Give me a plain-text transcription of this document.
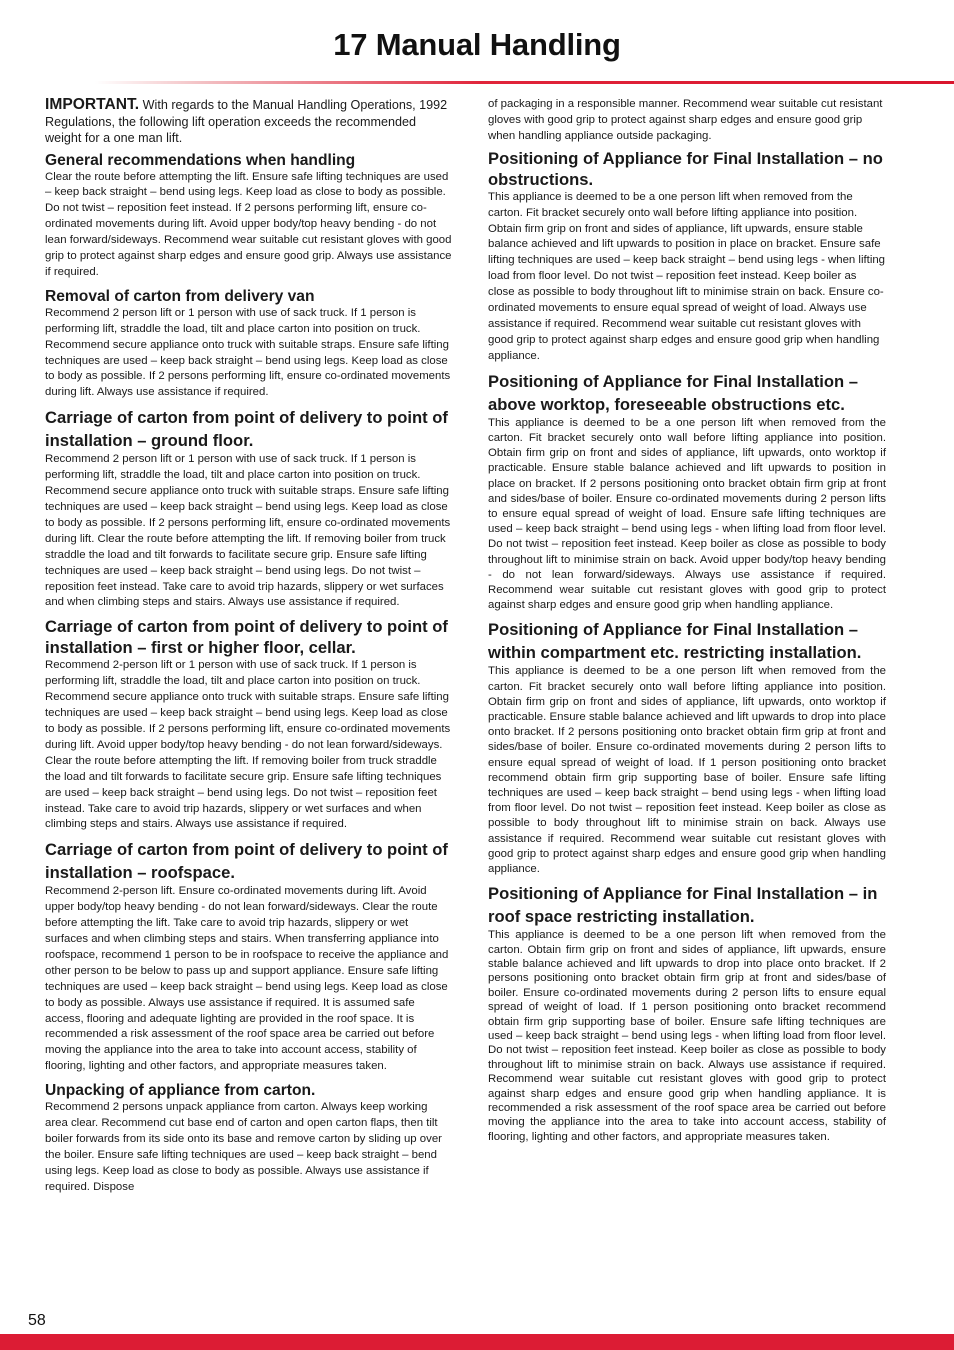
17 Manual Handling

IMPORTANT. With regards to the Manual Handling Operations, 1992 Regulations, the following lift operation exceeds the recommended weight for a one man lift.

General recommendations when handling

Clear the route before attempting the lift. Ensure safe lifting techniques are used – keep back straight – bend using legs. Keep load as close to body as possible. Do not twist – reposition feet instead. If 2 persons performing lift, ensure co-ordinated movements during lift. Avoid upper body/top heavy bending - do not lean forward/sideways. Recommend wear suitable cut resistant gloves with good grip to protect against sharp edges and ensure good grip. Always use assistance if required.

Removal of carton from delivery van

Recommend 2 person lift or 1 person with use of sack truck. If 1 person is performing lift, straddle the load, tilt and place carton into position on truck. Recommend secure appliance onto truck with suitable straps. Ensure safe lifting techniques are used – keep back straight – bend using legs. Keep load as close to body as possible. If 2 persons performing lift, ensure co-ordinated movements during lift. Always use assistance if required.

Carriage of carton from point of delivery to point of installation – ground floor.

Recommend 2 person lift or 1 person with use of sack truck. If 1 person is performing lift, straddle the load, tilt and place carton into position on truck. Recommend secure appliance onto truck with suitable straps. Ensure safe lifting techniques are used – keep back straight – bend using legs. Keep load as close to body as possible. If 2 persons performing lift, ensure co-ordinated movements during lift. Clear the route before attempting the lift. If removing boiler from truck straddle the load and tilt forwards to facilitate secure grip. Ensure safe lifting techniques are used – keep back straight – bend using legs. Do not twist – reposition feet instead. Take care to avoid trip hazards, slippery or wet surfaces and when climbing steps and stairs. Always use assistance if required.

Carriage of carton from point of delivery to point of installation – first or higher floor, cellar.

Recommend 2-person lift or 1 person with use of sack truck. If 1 person is performing lift, straddle the load, tilt and place carton into position on truck. Recommend secure appliance onto truck with suitable straps. Ensure safe lifting techniques are used – keep back straight – bend using legs. Keep load as close to body as possible. If 2 persons performing lift, ensure co-ordinated movements during lift. Avoid upper body/top heavy bending - do not lean forward/sideways. Clear the route before attempting the lift. If removing boiler from truck straddle the load and tilt forwards to facilitate secure grip. Ensure safe lifting techniques are used – keep back straight – bend using legs. Do not twist – reposition feet instead. Take care to avoid trip hazards, slippery or wet surfaces and when climbing steps and stairs. Always use assistance if required.

Carriage of carton from point of delivery to point of installation – roofspace.

Recommend 2-person lift. Ensure co-ordinated movements during lift. Avoid upper body/top heavy bending - do not lean forward/sideways. Clear the route before attempting the lift. Take care to avoid trip hazards, slippery or wet surfaces and when climbing steps and stairs. When transferring appliance into roofspace, recommend 1 person to be in roofspace to receive the appliance and other person to be below to pass up and support appliance. Ensure safe lifting techniques are used – keep back straight – bend using legs. Keep load as close to body as possible. Always use assistance if required. It is assumed safe access, flooring and adequate lighting are provided in the roof space. It is recommended a risk assessment of the roof space area be carried out before moving the appliance into the area to take into account access, stability of flooring, lighting and other factors, and appropriate measures taken.

Unpacking of appliance from carton.

Recommend 2 persons unpack appliance from carton. Always keep working area clear. Recommend cut base end of carton and open carton flaps, then tilt boiler forwards from its side onto its base and remove carton by sliding up over the boiler. Ensure safe lifting techniques are used – keep back straight – bend using legs. Keep load as close to body as possible. Always use assistance if required. Dispose

of packaging in a responsible manner. Recommend wear suitable cut resistant gloves with good grip to protect against sharp edges and ensure good grip when handling appliance outside packaging.

Positioning of Appliance for Final Installation – no obstructions.

This appliance is deemed to be a one person lift when removed from the carton. Fit bracket securely onto wall before lifting appliance into position. Obtain firm grip on front and sides of appliance, lift upwards, ensure stable balance achieved and lift upwards to position in place on bracket. Ensure safe lifting techniques are used – keep back straight – bend using legs - when lifting load from floor level. Do not twist – reposition feet instead. Keep boiler as close as possible to body throughout lift to minimise strain on back. Ensure co-ordinated movements to ensure equal spread of weight of load. Always use assistance if required. Recommend wear suitable cut resistant gloves with good grip to protect against sharp edges and ensure good grip when handling appliance.

Positioning of Appliance for Final Installation – above worktop, foreseeable obstructions etc.

This appliance is deemed to be a one person lift when removed from the carton. Fit bracket securely onto wall before lifting appliance into position. Obtain firm grip on front and sides of appliance, lift upwards, onto worktop if practicable. Ensure stable balance achieved and lift upwards to position in place on bracket. If 2 persons positioning onto bracket obtain firm grip at front and sides/base of boiler. Ensure co-ordinated movements during 2 person lifts to ensure equal spread of weight of load. Ensure safe lifting techniques are used – keep back straight – bend using legs - when lifting load from floor level. Do not twist – reposition feet instead. Keep boiler as close as possible to body throughout lift to minimise strain on back. Avoid upper body/top heavy bending - do not lean forward/sideways. Always use assistance if required. Recommend wear suitable cut resistant gloves with good grip to protect against sharp edges and ensure good grip when handling appliance.

Positioning of Appliance for Final Installation – within compartment etc. restricting installation.

This appliance is deemed to be a one person lift when removed from the carton. Fit bracket securely onto wall before lifting appliance into position. Obtain firm grip on front and sides of appliance, lift upwards, onto worktop if practicable. Ensure stable balance achieved and lift upwards to drop into place onto bracket. If 2 persons positioning onto bracket obtain firm grip at front and sides/base of boiler. Ensure co-ordinated movements during 2 person lifts to ensure equal spread of weight of load. If 1 person positioning onto bracket recommend obtain firm grip supporting base of boiler. Ensure safe lifting techniques are used – keep back straight – bend using legs - when lifting load from floor level. Do not twist – reposition feet instead. Keep boiler as close as possible to body throughout lift to minimise strain on back. Always use assistance if required. Recommend wear suitable cut resistant gloves with good grip to protect against sharp edges and ensure good grip when handling appliance.

Positioning of Appliance for Final Installation – in roof space restricting installation.

This appliance is deemed to be a one person lift when removed from the carton. Obtain firm grip on front and sides of appliance, lift upwards, ensure stable balance achieved and lift upwards to drop into place onto bracket. If 2 persons positioning onto bracket obtain firm grip at front and sides/base of boiler. Ensure co-ordinated movements during 2 person lifts to ensure equal spread of weight of load. If 1 person positioning onto bracket recommend obtain firm grip supporting base of boiler. Ensure safe lifting techniques are used – keep back straight – bend using legs - when lifting load from floor level. Do not twist – reposition feet instead. Keep boiler as close as possible to body throughout lift to minimise strain on back. Always use assistance if required. Recommend wear suitable cut resistant gloves with good grip to protect against sharp edges and ensure good grip when handling appliance. It is recommended a risk assessment of the roof space area be carried out before moving the appliance into the area to take into account access, stability of flooring, lighting and other factors, and appropriate measures taken.

58
